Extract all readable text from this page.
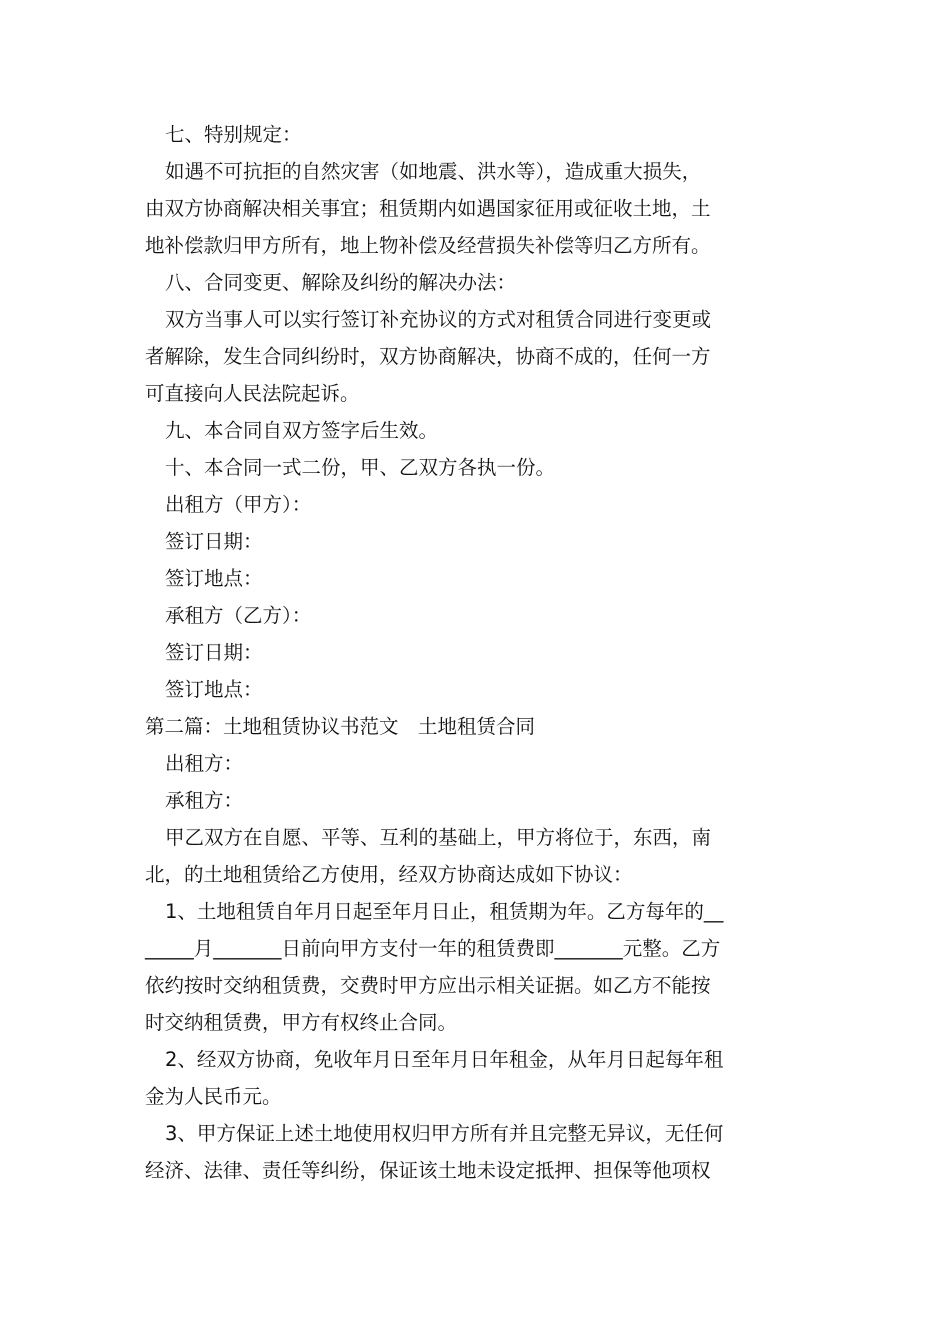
七、特别规定：
如遇不可抗拒的自然灾害（如地震、洪水等），造成重大损失，
由双方协商解决相关事宜；租赁期内如遇国家征用或征收土地，土
地补偿款归甲方所有，地上物补偿及经营损失补偿等归乙方所有。
八、合同变更、解除及纠纷的解决办法：
双方当事人可以实行签订补充协议的方式对租赁合同进行变更或
者解除，发生合同纠纷时，双方协商解决，协商不成的，任何一方
可直接向人民法院起诉。
九、本合同自双方签字后生效。
十、本合同一式二份，甲、乙双方各执一份。
出租方（甲方）：
签订日期：
签订地点：
承租方（乙方）：
签订日期：
签订地点：
第二篇：土地租赁协议书范文　土地租赁合同
出租方：
承租方：
甲乙双方在自愿、平等、互利的基础上，甲方将位于，东西，南
北，的土地租赁给乙方使用，经双方协商达成如下协议：
1、土地租赁自年月日起至年月日止，租赁期为年。乙方每年的__
_____月_______日前向甲方支付一年的租赁费即_______元整。乙方
依约按时交纳租赁费，交费时甲方应出示相关证据。如乙方不能按
时交纳租赁费，甲方有权终止合同。
2、经双方协商，免收年月日至年月日年租金，从年月日起每年租
金为人民币元。
3、甲方保证上述土地使用权归甲方所有并且完整无异议，无任何
经济、法律、责任等纠纷，保证该土地未设定抵押、担保等他项权
